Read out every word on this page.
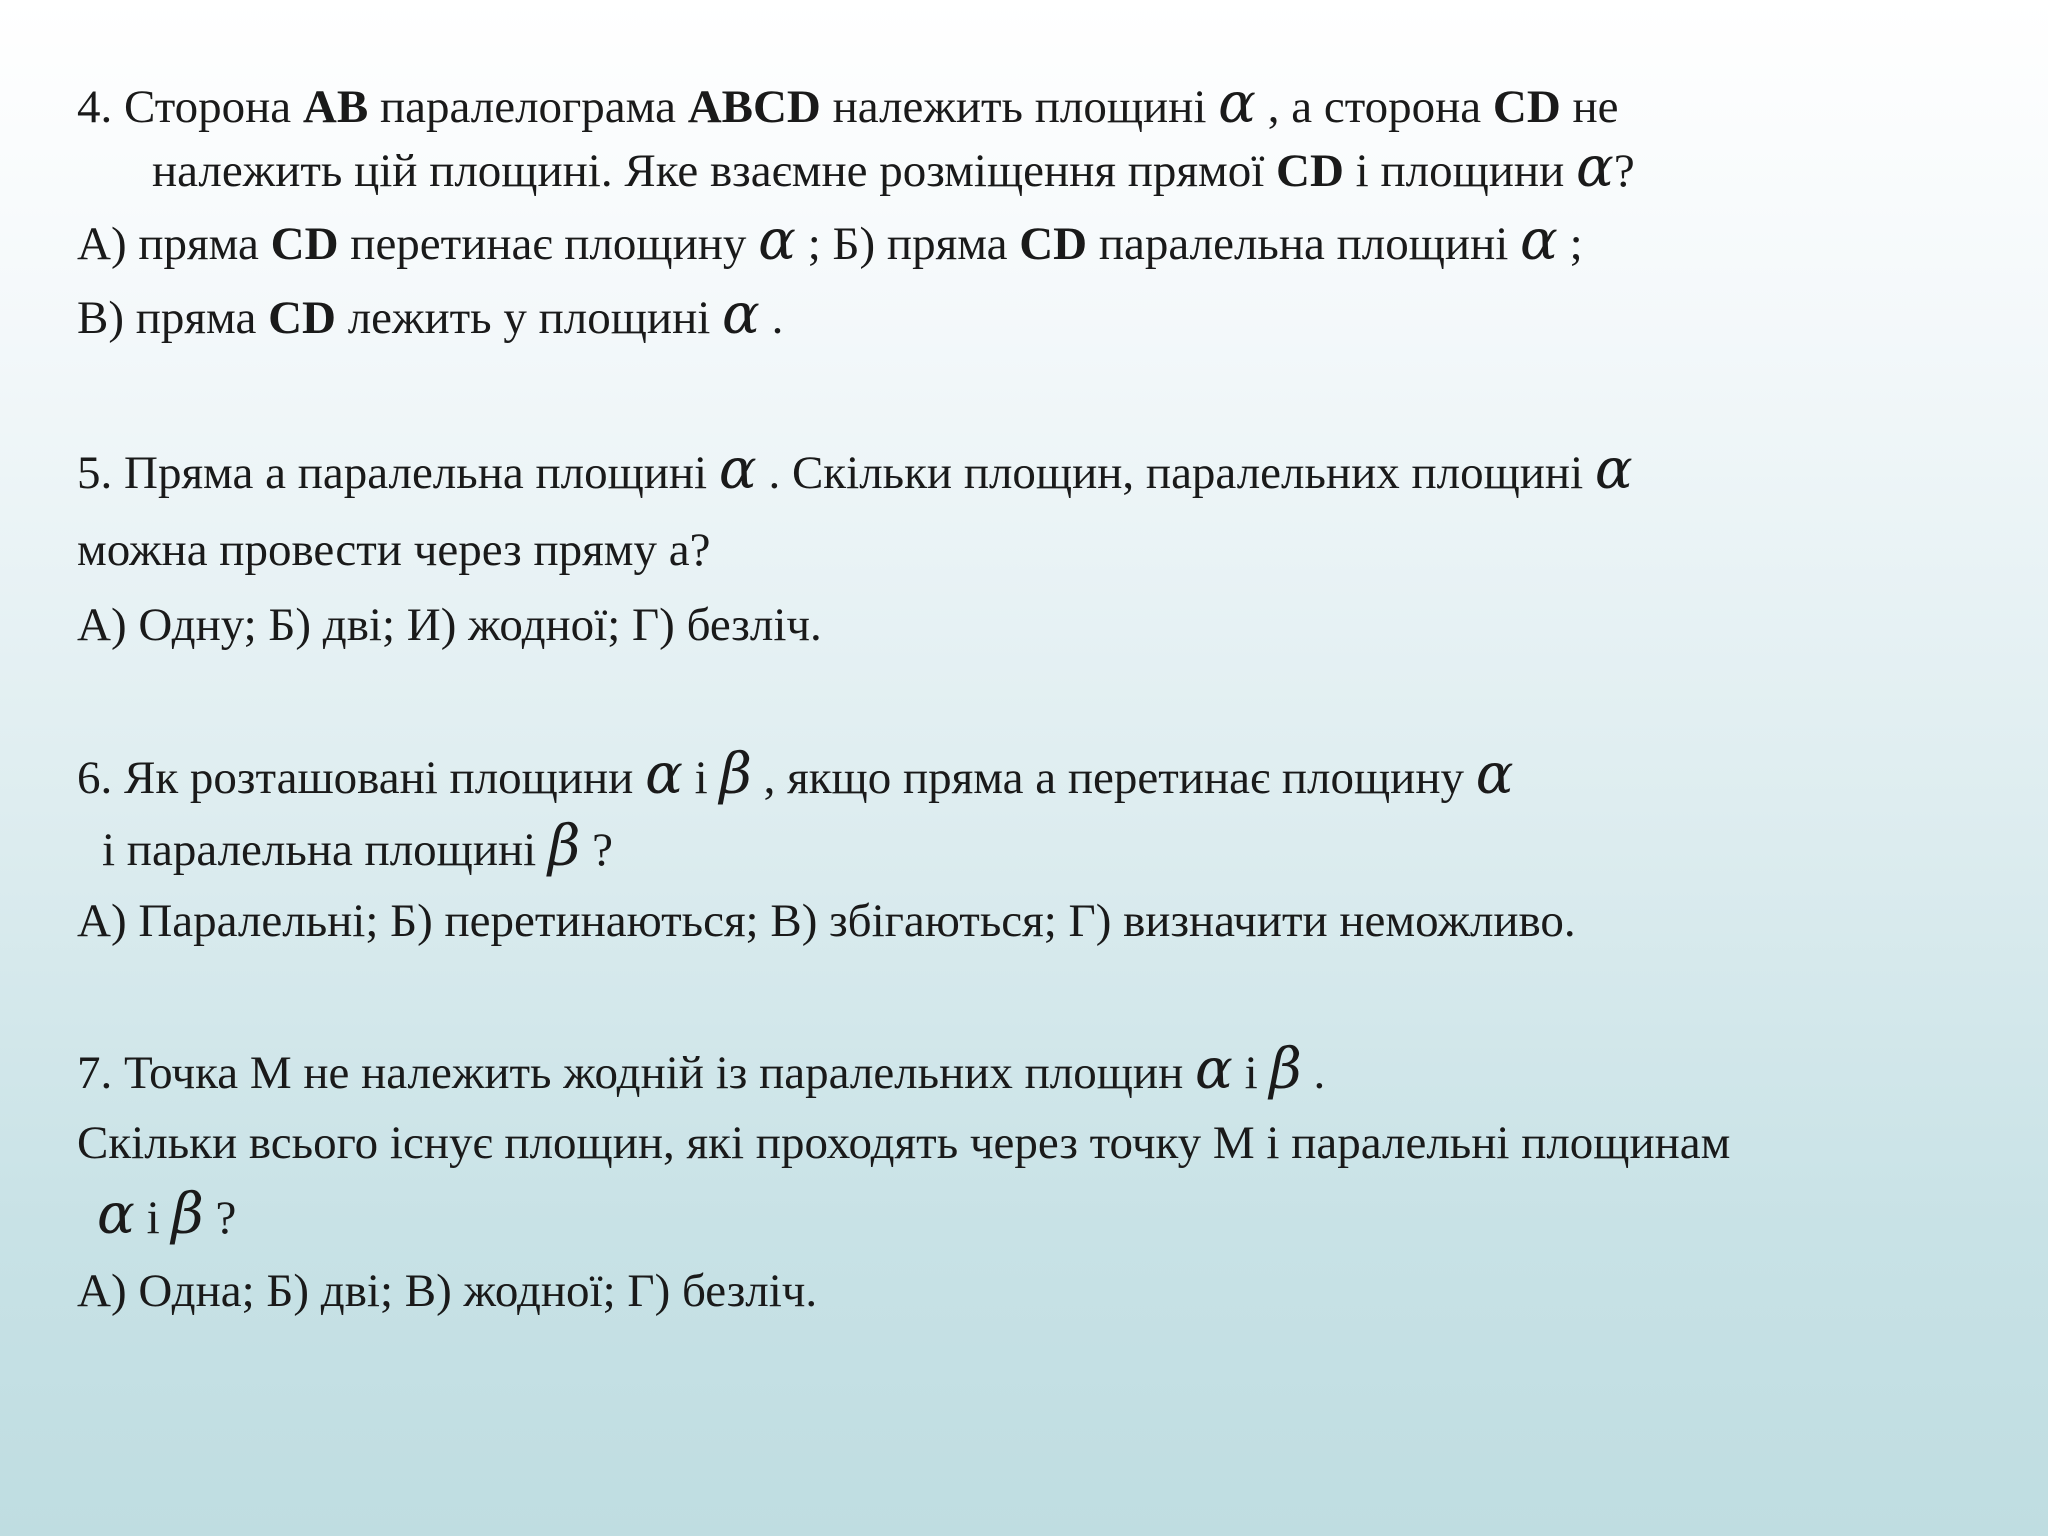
4. Сторона AB паралелограма ABCD належить площині α , а сторона CD не
належить цій площині. Яке взаємне розміщення прямої CD і площини α?
А) пряма CD перетинає площину α ; Б) пряма CD паралельна площині α ;
В) пряма CD лежить у площині α .
5. Пряма а паралельна площині α . Скільки площин, паралельних площині α
можна провести через пряму а?
А) Одну; Б) дві; И) жодної; Г) безліч.
6. Як розташовані площини α і β , якщо пряма а перетинає площину α
і паралельна площині β ?
А) Паралельні; Б) перетинаються; В) збігаються; Г) визначити неможливо.
7. Точка М не належить жодній із паралельних площин α і β .
Скільки всього існує площин, які проходять через точку М і паралельні площинам
α і β ?
А) Одна; Б) дві; В) жодної; Г) безліч.
